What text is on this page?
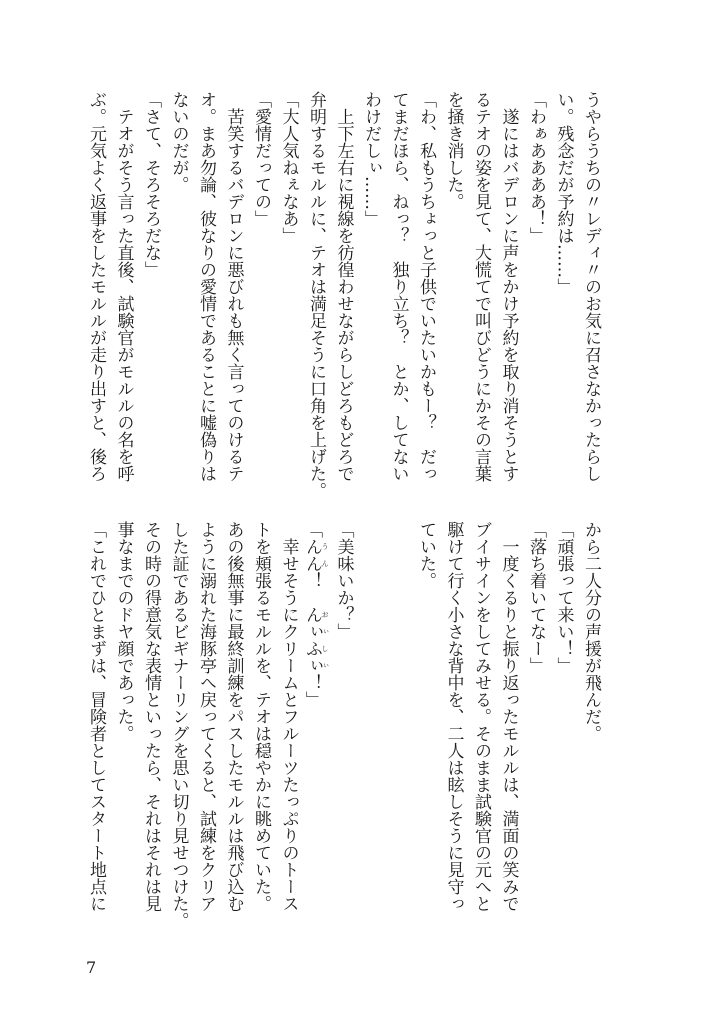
うやらうちの〃レディ〃のお気に召さなかったらし
い。残念だが予約は……」
「わぁああああ！」
　遂にはバデロンに声をかけ予約を取り消そうとす
るテオの姿を見て、大慌てで叫びどうにかその言葉
を掻き消した。
「わ、私もうちょっと子供でいたいかもー？　だっ
てまだほら、ねっ？　独り立ち？　とか、してない
わけだしぃ……」
　上下左右に視線を彷徨わせながらしどろもどろで
弁明するモルルに、テオは満足そうに口角を上げた。
「大人気ねぇなあ」
「愛情だっての」
　苦笑するバデロンに悪びれも無く言ってのけるテ
オ。まあ勿論、彼なりの愛情であることに嘘偽りは
ないのだが。
「さて、そろそろだな」
　テオがそう言った直後、試験官がモルルの名を呼
ぶ。元気よく返事をしたモルルが走り出すと、後ろ
から二人分の声援が飛んだ。
「頑張って来い！」
「落ち着いてなー」
　一度くるりと振り返ったモルルは、満面の笑みで
ブイサインをしてみせる。そのまま試験官の元へと
駆けて行く小さな背中を、二人は眩しそうに見守っ
ていた。
「美味いか？」
「んん うん！　んぃふぃ おぃしぃ！」
　幸せそうにクリームとフルーツたっぷりのトース
トを頬張るモルルを、テオは穏やかに眺めていた。
あの後無事に最終訓練をパスしたモルルは飛び込む
ように溺れた海豚亭へ戻ってくると、試練をクリア
した証であるビギナーリングを思い切り見せつけた。
その時の得意気な表情といったら、それはそれは見
事なまでのドヤ顔であった。
「これでひとまずは、冒険者としてスタート地点に
7
